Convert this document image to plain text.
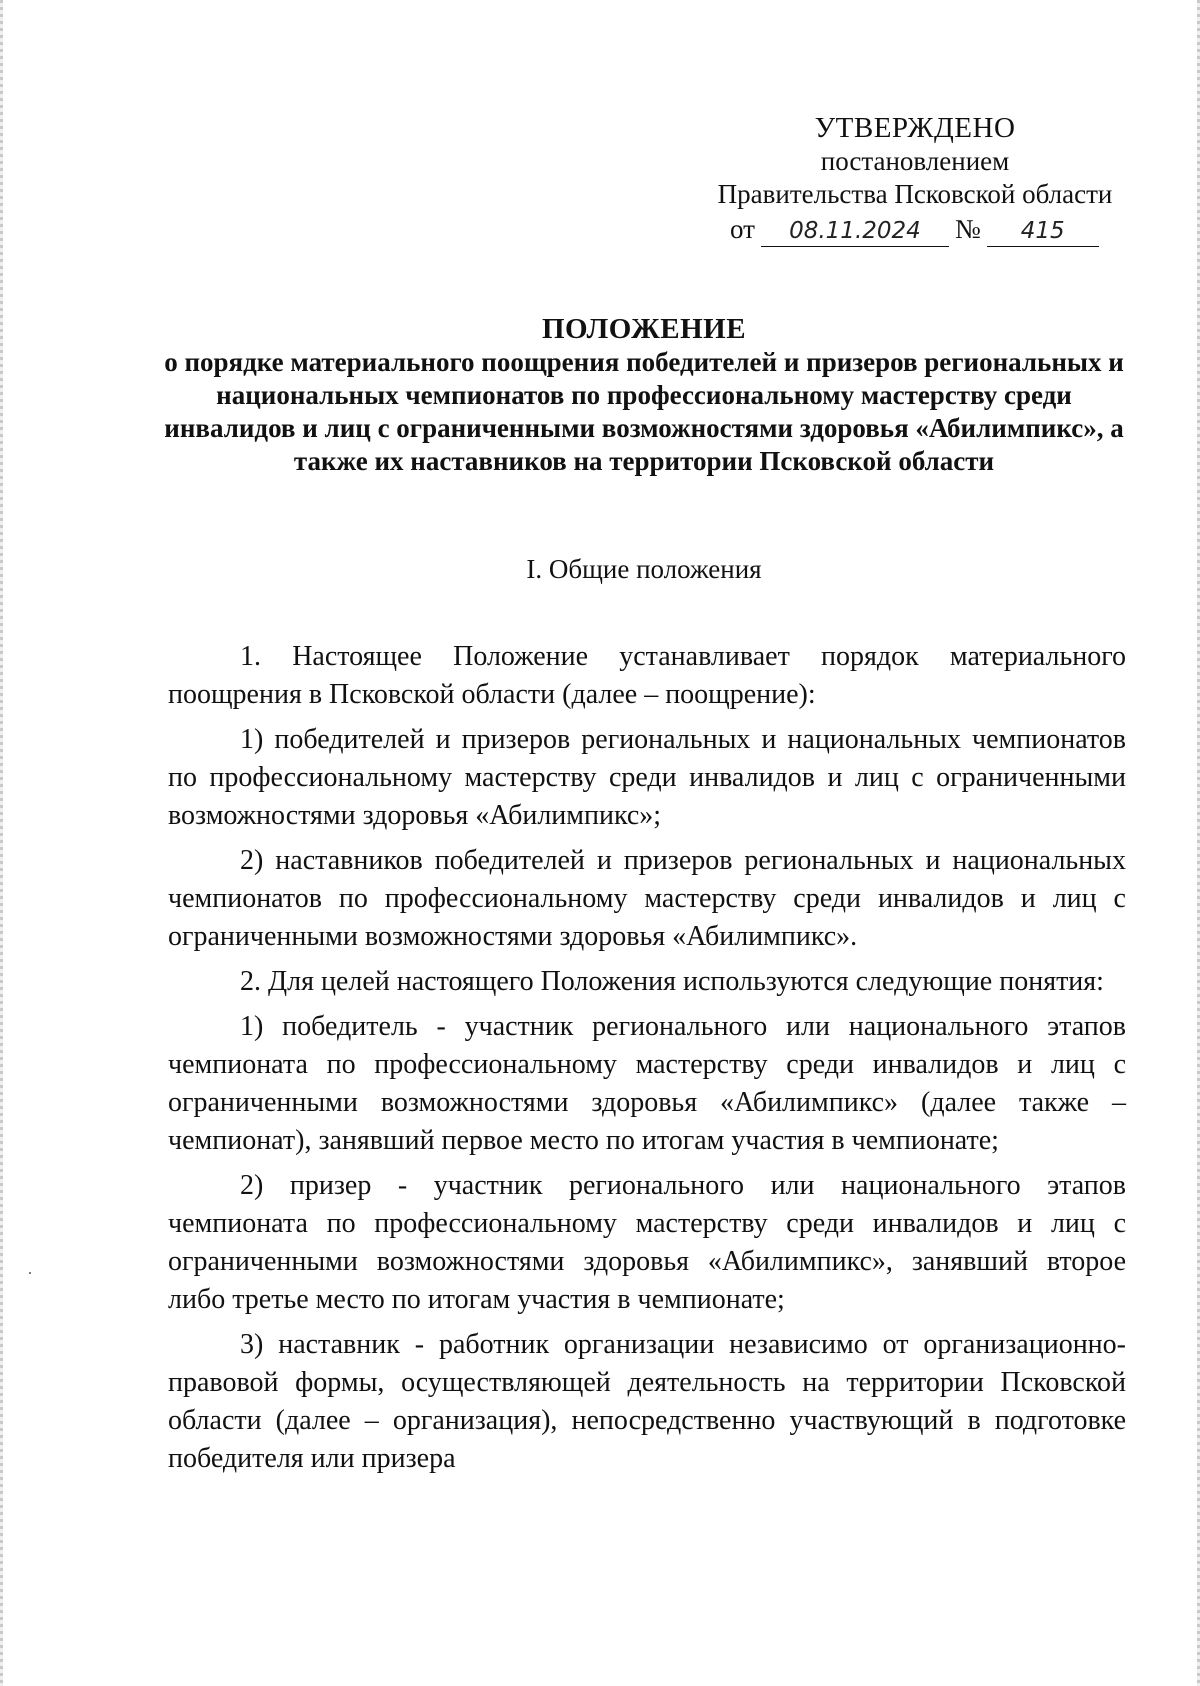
УТВЕРЖДЕНО
постановлением
Правительства Псковской области
от 08.11.2024 № 415
ПОЛОЖЕНИЕ
о порядке материального поощрения победителей и призеров региональных и национальных чемпионатов по профессиональному мастерству среди инвалидов и лиц с ограниченными возможностями здоровья «Абилимпикс», а также их наставников на территории Псковской области
I. Общие положения

1. Настоящее Положение устанавливает порядок материального поощрения в Псковской области (далее – поощрение):

1) победителей и призеров региональных и национальных чемпионатов по профессиональному мастерству среди инвалидов и лиц с ограниченными возможностями здоровья «Абилимпикс»;

2) наставников победителей и призеров региональных и национальных чемпионатов по профессиональному мастерству среди инвалидов и лиц с ограниченными возможностями здоровья «Абилимпикс».

2. Для целей настоящего Положения используются следующие понятия:

1) победитель - участник регионального или национального этапов чемпионата по профессиональному мастерству среди инвалидов и лиц с ограниченными возможностями здоровья «Абилимпикс» (далее также – чемпионат), занявший первое место по итогам участия в чемпионате;

2) призер - участник регионального или национального этапов чемпионата по профессиональному мастерству среди инвалидов и лиц с ограниченными возможностями здоровья «Абилимпикс», занявший второе либо третье место по итогам участия в чемпионате;

3) наставник - работник организации независимо от организационно-правовой формы, осуществляющей деятельность на территории Псковской области (далее – организация), непосредственно участвующий в подготовке победителя или призера
